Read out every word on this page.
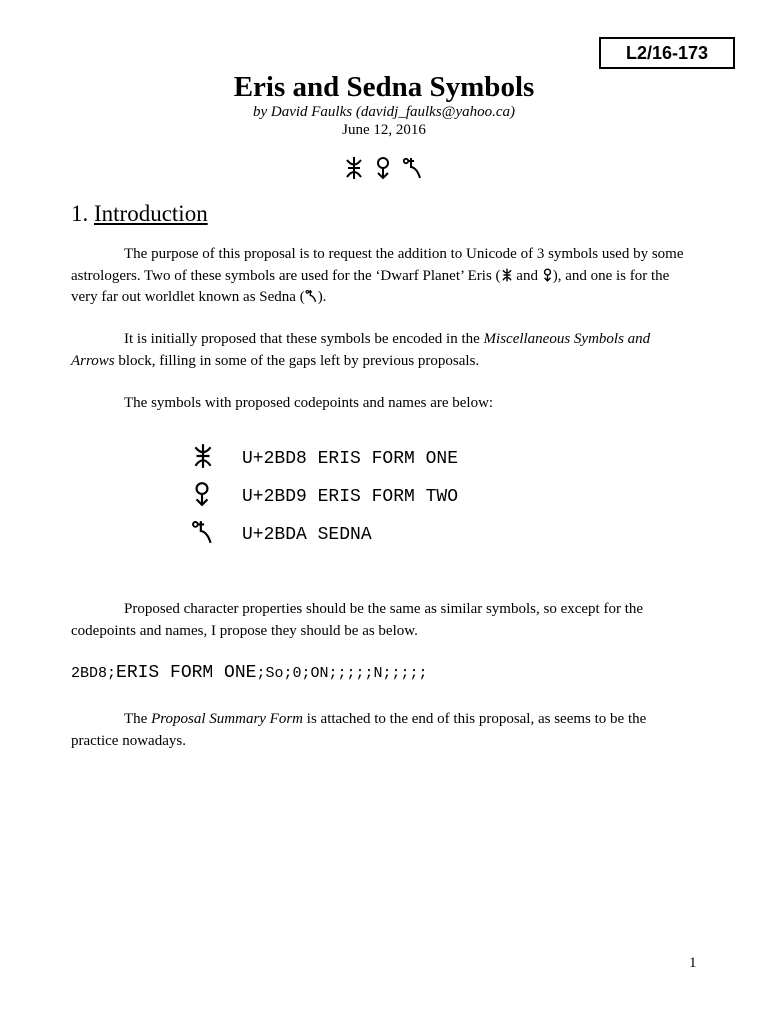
L2/16-173
Eris and Sedna Symbols
by David Faulks (davidj_faulks@yahoo.ca)
June 12, 2016
1. Introduction

The purpose of this proposal is to request the addition to Unicode of 3 symbols used by some astrologers. Two of these symbols are used for the ‘Dwarf Planet’ Eris ( and ), and one is for the very far out worldlet known as Sedna ( ).

It is initially proposed that these symbols be encoded in the Miscellaneous Symbols and Arrows block, filling in some of the gaps left by previous proposals.

The symbols with proposed codepoints and names are below:

U+2BD8 ERIS FORM ONE
U+2BD9 ERIS FORM TWO
U+2BDA SEDNA

Proposed character properties should be the same as similar symbols, so except for the codepoints and names, I propose they should be as below.

2BD8;ERIS FORM ONE;So;0;ON;;;;;N;;;;;

The Proposal Summary Form is attached to the end of this proposal, as seems to be the practice nowadays.

1
